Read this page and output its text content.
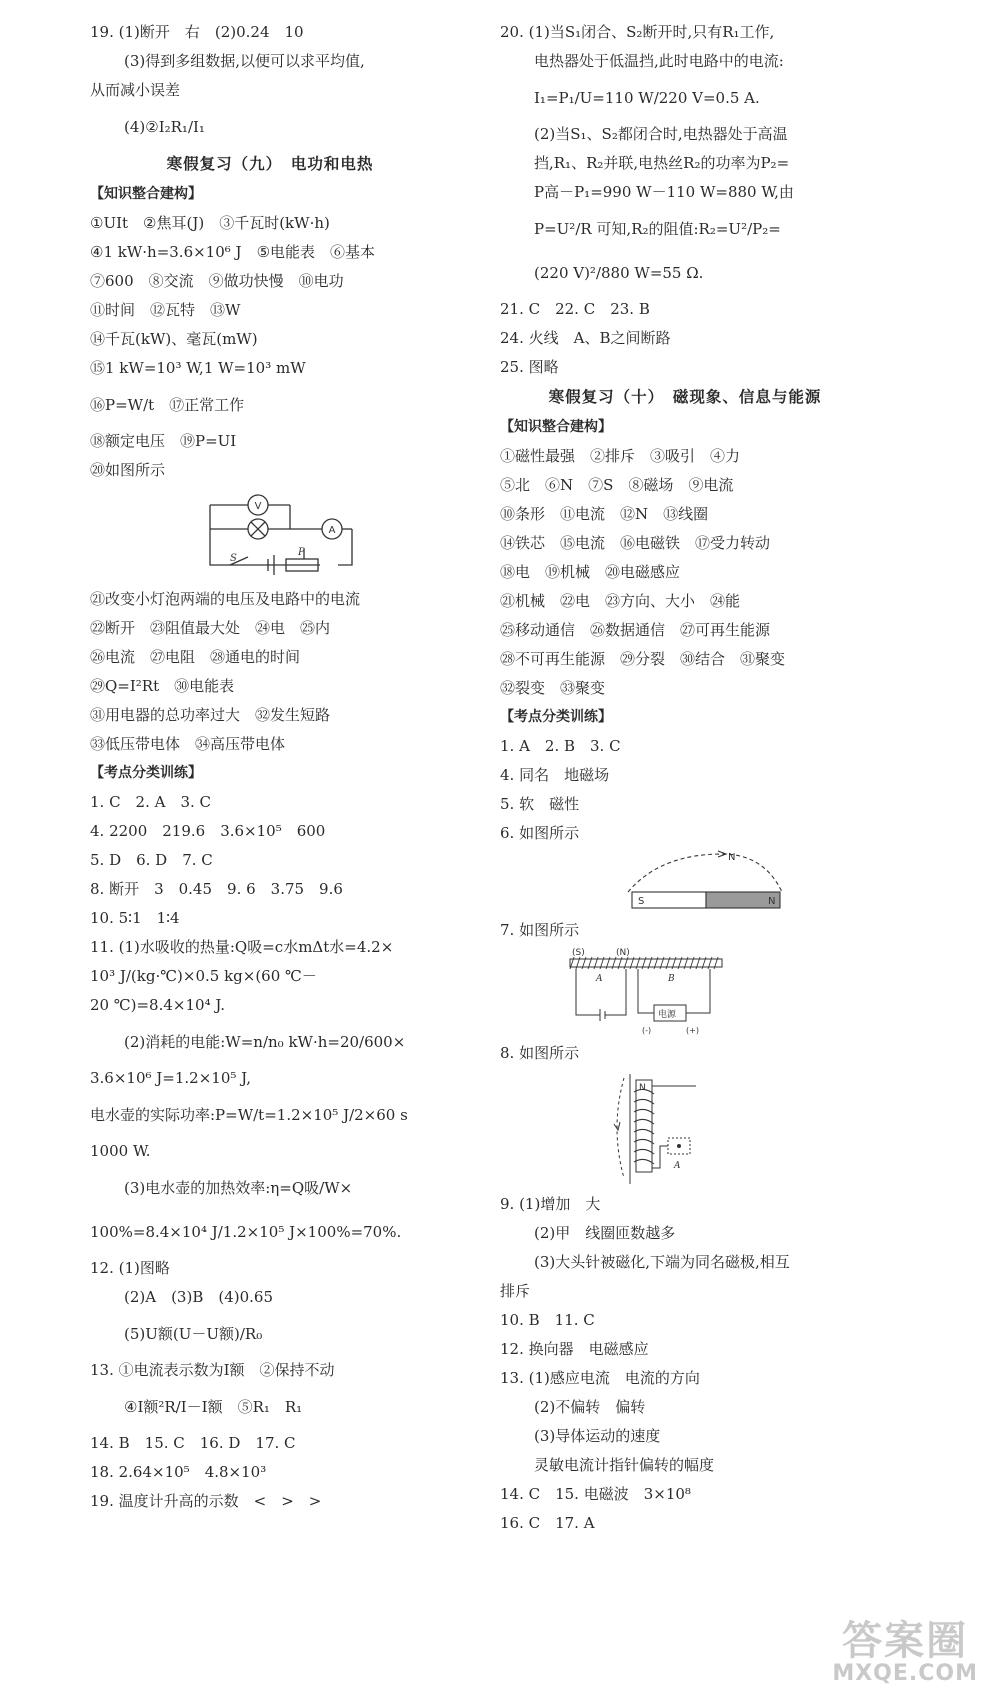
19. (1)断开　右　(2)0.24　10
(3)得到多组数据,以便可以求平均值,
从而减小误差
(4)②I₂R₁/I₁
寒假复习（九）　电功和电热
【知识整合建构】
①UIt　②焦耳(J)　③千瓦时(kW·h)
④1 kW·h=3.6×10⁶ J　⑤电能表　⑥基本
⑦600　⑧交流　⑨做功快慢　⑩电功
⑪时间　⑫瓦特　⑬W
⑭千瓦(kW)、毫瓦(mW)
⑮1 kW=10³ W,1 W=10³ mW
⑯P=W/t　⑰正常工作
⑱额定电压　⑲P=UI
⑳如图所示
V
A
S
P
㉑改变小灯泡两端的电压及电路中的电流
㉒断开　㉓阻值最大处　㉔电　㉕内
㉖电流　㉗电阻　㉘通电的时间
㉙Q=I²Rt　㉚电能表
㉛用电器的总功率过大　㉜发生短路
㉝低压带电体　㉞高压带电体
【考点分类训练】
1. C　2. A　3. C
4. 2200　219.6　3.6×10⁵　600
5. D　6. D　7. C
8. 断开　3　0.45　9. 6　3.75　9.6
10. 5∶1　1∶4
11. (1)水吸收的热量:Q吸=c水mΔt水=4.2×
10³ J/(kg·℃)×0.5 kg×(60 ℃－
20 ℃)=8.4×10⁴ J.
(2)消耗的电能:W=n/n₀ kW·h=20/600×
3.6×10⁶ J=1.2×10⁵ J,
电水壶的实际功率:P=W/t=1.2×10⁵ J/2×60 s
1000 W.
(3)电水壶的加热效率:η=Q吸/W×
100%=8.4×10⁴ J/1.2×10⁵ J×100%=70%.
12. (1)图略
(2)A　(3)B　(4)0.65
(5)U额(U－U额)/R₀
13. ①电流表示数为I额　②保持不动
④I额²R/I－I额　⑤R₁　R₁
14. B　15. C　16. D　17. C
18. 2.64×10⁵　4.8×10³
19. 温度计升高的示数　<　>　>
20. (1)当S₁闭合、S₂断开时,只有R₁工作,
电热器处于低温挡,此时电路中的电流:
I₁=P₁/U=110 W/220 V=0.5 A.
(2)当S₁、S₂都闭合时,电热器处于高温
挡,R₁、R₂并联,电热丝R₂的功率为P₂=
P高－P₁=990 W－110 W=880 W,由
P=U²/R 可知,R₂的阻值:R₂=U²/P₂=
(220 V)²/880 W=55 Ω.
21. C　22. C　23. B
24. 火线　A、B之间断路
25. 图略
寒假复习（十）　磁现象、信息与能源
【知识整合建构】
①磁性最强　②排斥　③吸引　④力
⑤北　⑥N　⑦S　⑧磁场　⑨电流
⑩条形　⑪电流　⑫N　⑬线圈
⑭铁芯　⑮电流　⑯电磁铁　⑰受力转动
⑱电　⑲机械　⑳电磁感应
㉑机械　㉒电　㉓方向、大小　㉔能
㉕移动通信　㉖数据通信　㉗可再生能源
㉘不可再生能源　㉙分裂　㉚结合　㉛聚变
㉜裂变　㉝聚变
【考点分类训练】
1. A　2. B　3. C
4. 同名　地磁场
5. 软　磁性
6. 如图所示
N
S	N
7. 如图所示
(S)	(N)
A	B
电源
(-)	(+)
8. 如图所示
N
A
9. (1)增加　大
(2)甲　线圈匝数越多
(3)大头针被磁化,下端为同名磁极,相互
排斥
10. B　11. C
12. 换向器　电磁感应
13. (1)感应电流　电流的方向
(2)不偏转　偏转
(3)导体运动的速度
灵敏电流计指针偏转的幅度
14. C　15. 电磁波　3×10⁸
16. C　17. A
答案圈
MXQE.COM
